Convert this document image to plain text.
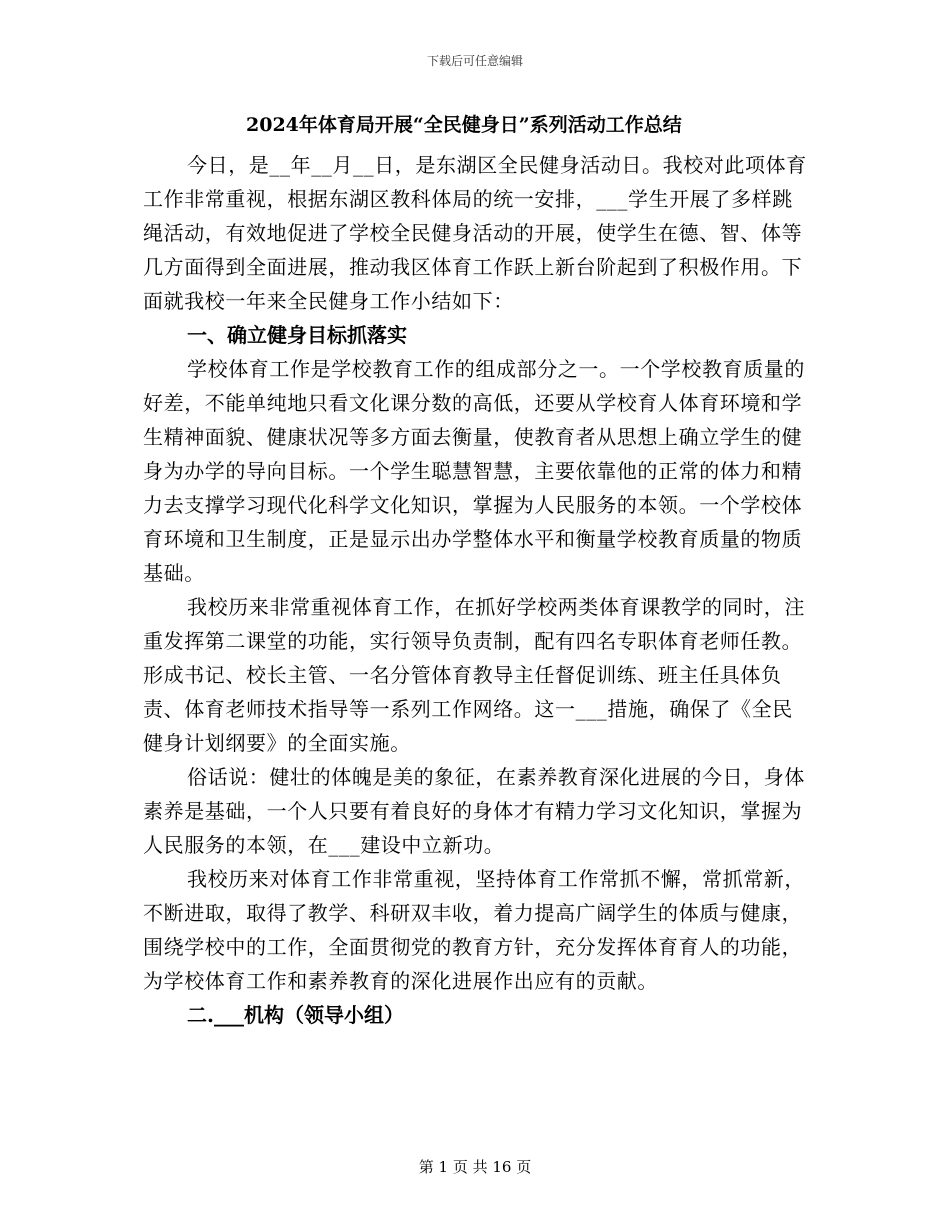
下载后可任意编辑
2024年体育局开展“全民健身日”系列活动工作总结

今日，是__年__月__日，是东湖区全民健身活动日。我校对此项体育工作非常重视，根据东湖区教科体局的统一安排，___学生开展了多样跳绳活动，有效地促进了学校全民健身活动的开展，使学生在德、智、体等几方面得到全面进展，推动我区体育工作跃上新台阶起到了积极作用。下面就我校一年来全民健身工作小结如下：

一、确立健身目标抓落实

学校体育工作是学校教育工作的组成部分之一。一个学校教育质量的好差，不能单纯地只看文化课分数的高低，还要从学校育人体育环境和学生精神面貌、健康状况等多方面去衡量，使教育者从思想上确立学生的健身为办学的导向目标。一个学生聪慧智慧，主要依靠他的正常的体力和精力去支撑学习现代化科学文化知识，掌握为人民服务的本领。一个学校体育环境和卫生制度，正是显示出办学整体水平和衡量学校教育质量的物质基础。

我校历来非常重视体育工作，在抓好学校两类体育课教学的同时，注重发挥第二课堂的功能，实行领导负责制，配有四名专职体育老师任教。形成书记、校长主管、一名分管体育教导主任督促训练、班主任具体负责、体育老师技术指导等一系列工作网络。这一___措施，确保了《全民健身计划纲要》的全面实施。

俗话说：健壮的体魄是美的象征，在素养教育深化进展的今日，身体素养是基础，一个人只要有着良好的身体才有精力学习文化知识，掌握为人民服务的本领，在___建设中立新功。

我校历来对体育工作非常重视，坚持体育工作常抓不懈，常抓常新，不断进取，取得了教学、科研双丰收，着力提高广阔学生的体质与健康，围绕学校中的工作，全面贯彻党的教育方针，充分发挥体育育人的功能，为学校体育工作和素养教育的深化进展作出应有的贡献。

二.___机构（领导小组）

第 1 页 共 16 页
